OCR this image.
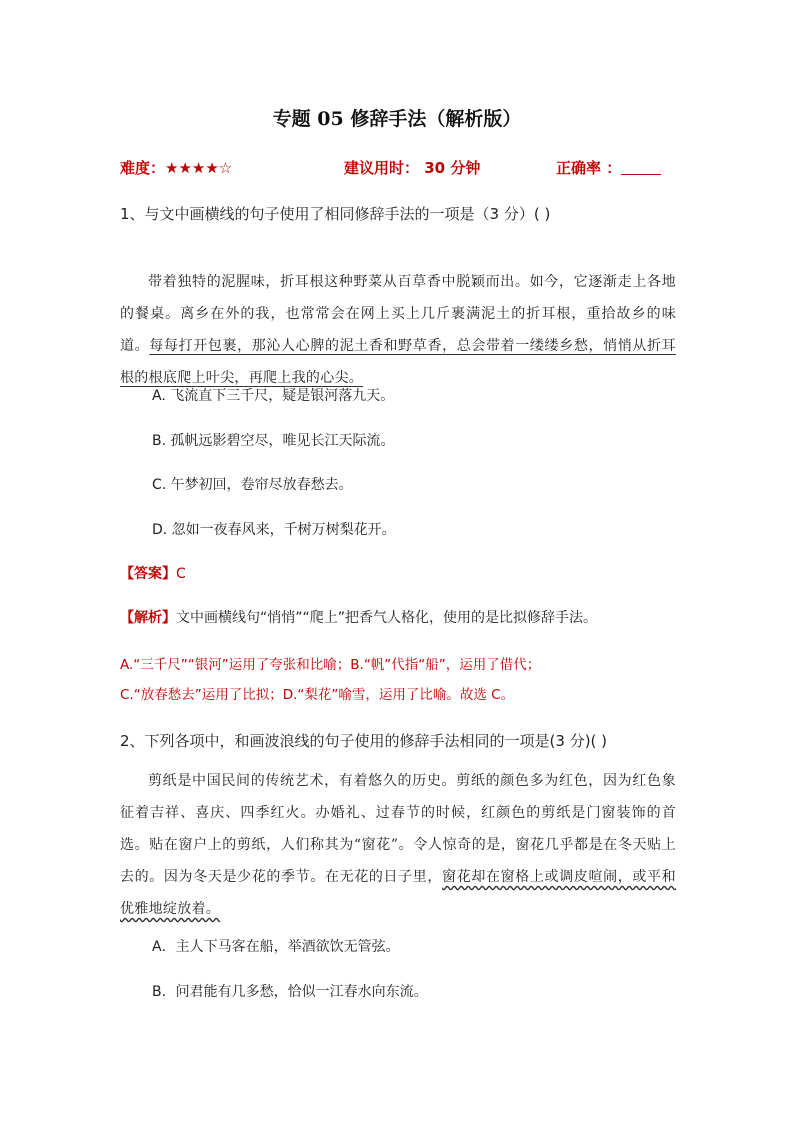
专题 05 修辞手法（解析版）
难度：★★★★☆	建议用时： 30 分钟	正确率 ：
1、与文中画横线的句子使用了相同修辞手法的一项是（3 分）( )
带着独特的泥腥味，折耳根这种野菜从百草香中脱颖而出。如今，它逐渐走上各地的餐桌。离乡在外的我，也常常会在网上买上几斤裹满泥土的折耳根，重拾故乡的味道。每每打开包裹，那沁人心脾的泥土香和野草香，总会带着一缕缕乡愁，悄悄从折耳根的根底爬上叶尖，再爬上我的心尖。
A. 飞流直下三千尺，疑是银河落九天。
B. 孤帆远影碧空尽，唯见长江天际流。
C. 午梦初回，卷帘尽放春愁去。
D. 忽如一夜春风来，千树万树梨花开。
【答案】C
【解析】文中画横线句“悄悄”“爬上”把香气人格化，使用的是比拟修辞手法。
A.“三千尺”“银河”运用了夸张和比喻；B.“帆”代指“船”，运用了借代；
C.“放春愁去”运用了比拟；D.“梨花”喻雪，运用了比喻。故选 C。
2、下列各项中，和画波浪线的句子使用的修辞手法相同的一项是(3 分)( )
剪纸是中国民间的传统艺术，有着悠久的历史。剪纸的颜色多为红色，因为红色象征着吉祥、喜庆、四季红火。办婚礼、过春节的时候，红颜色的剪纸是门窗装饰的首选。贴在窗户上的剪纸，人们称其为“窗花”。令人惊奇的是，窗花几乎都是在冬天贴上去的。因为冬天是少花的季节。在无花的日子里，窗花却在窗格上或调皮喧闹，或平和优雅地绽放着。
A．主人下马客在船，举酒欲饮无管弦。
B．问君能有几多愁，恰似一江春水向东流。
